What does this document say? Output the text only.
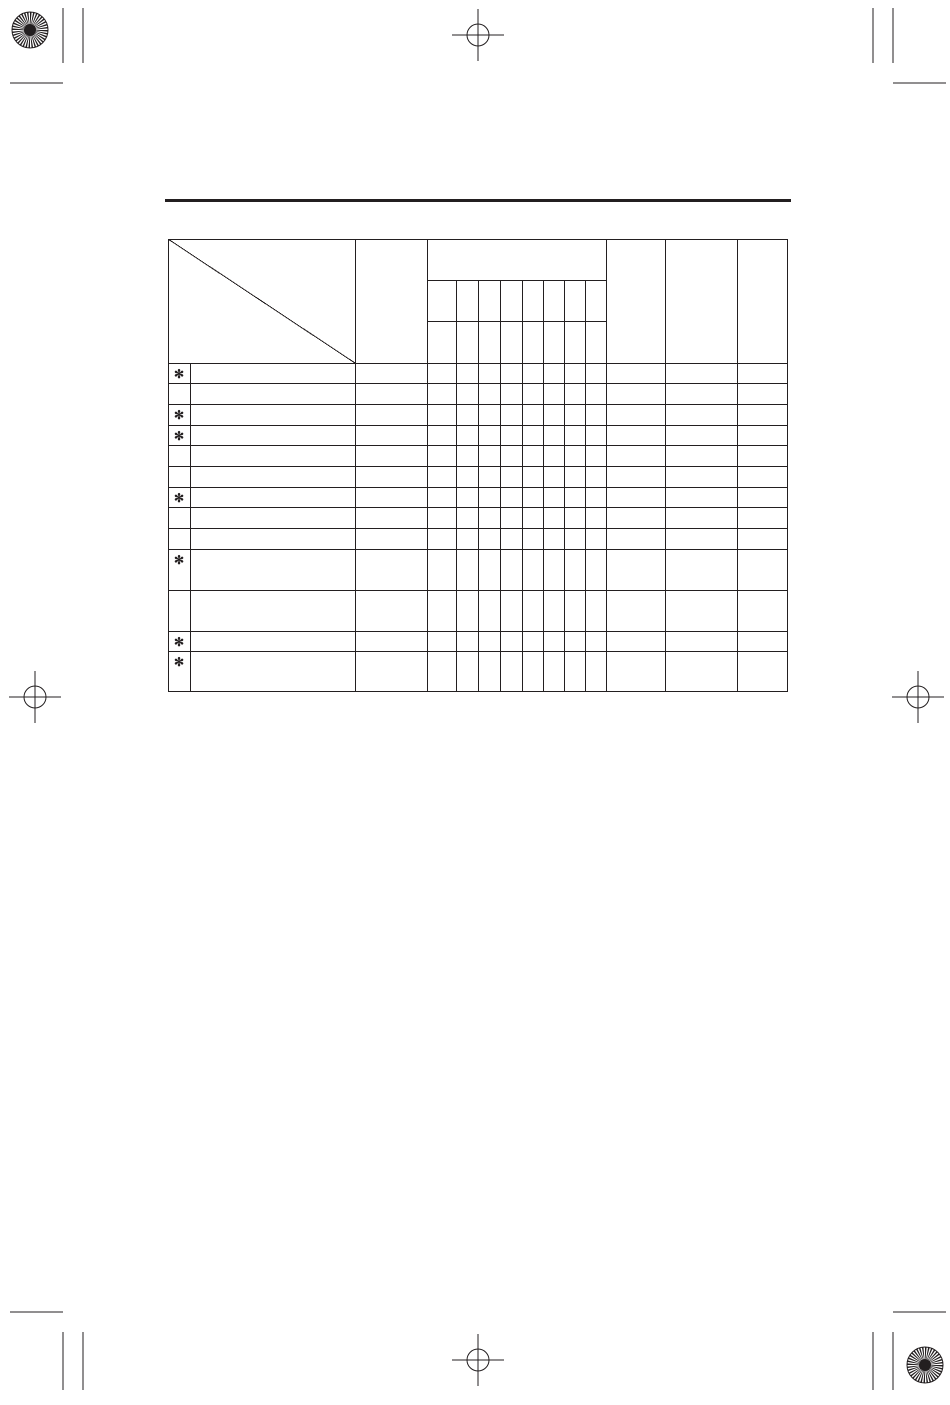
✻
✻
✻
✻
✻
✻
✻
